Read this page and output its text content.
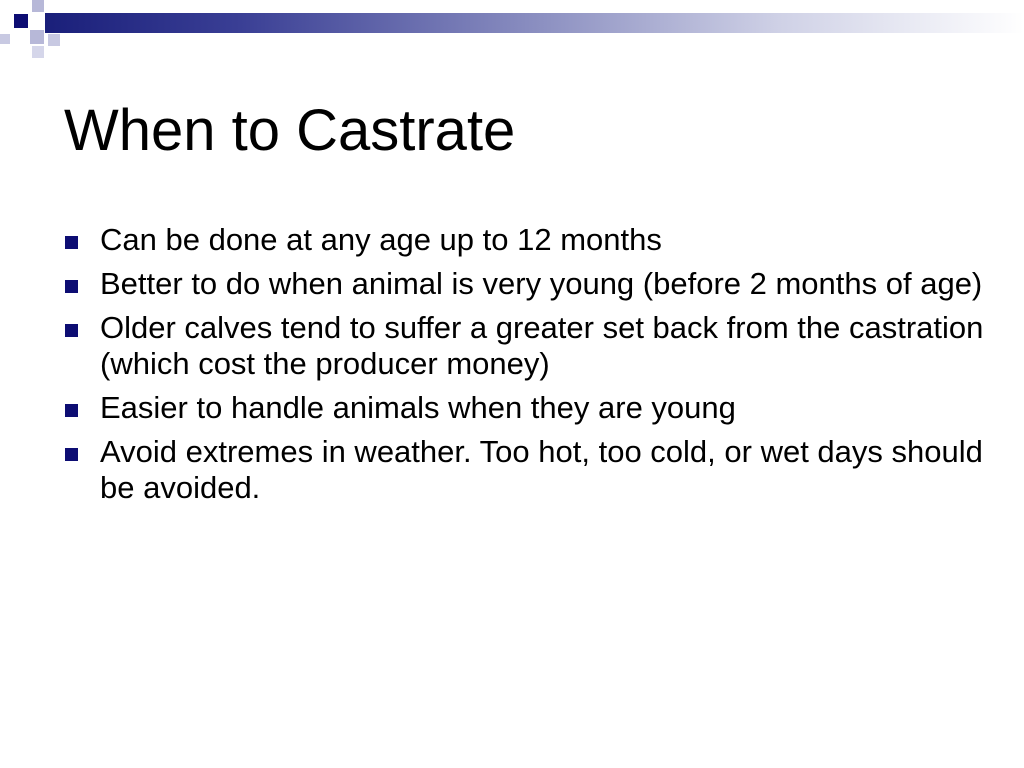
When to Castrate
Can be done at any age up to 12 months
Better to do when animal is very young (before 2 months of age)
Older calves tend to suffer a greater set back from the castration (which cost the producer money)
Easier to handle animals when they are young
Avoid extremes in weather. Too hot, too cold, or wet days should be avoided.
